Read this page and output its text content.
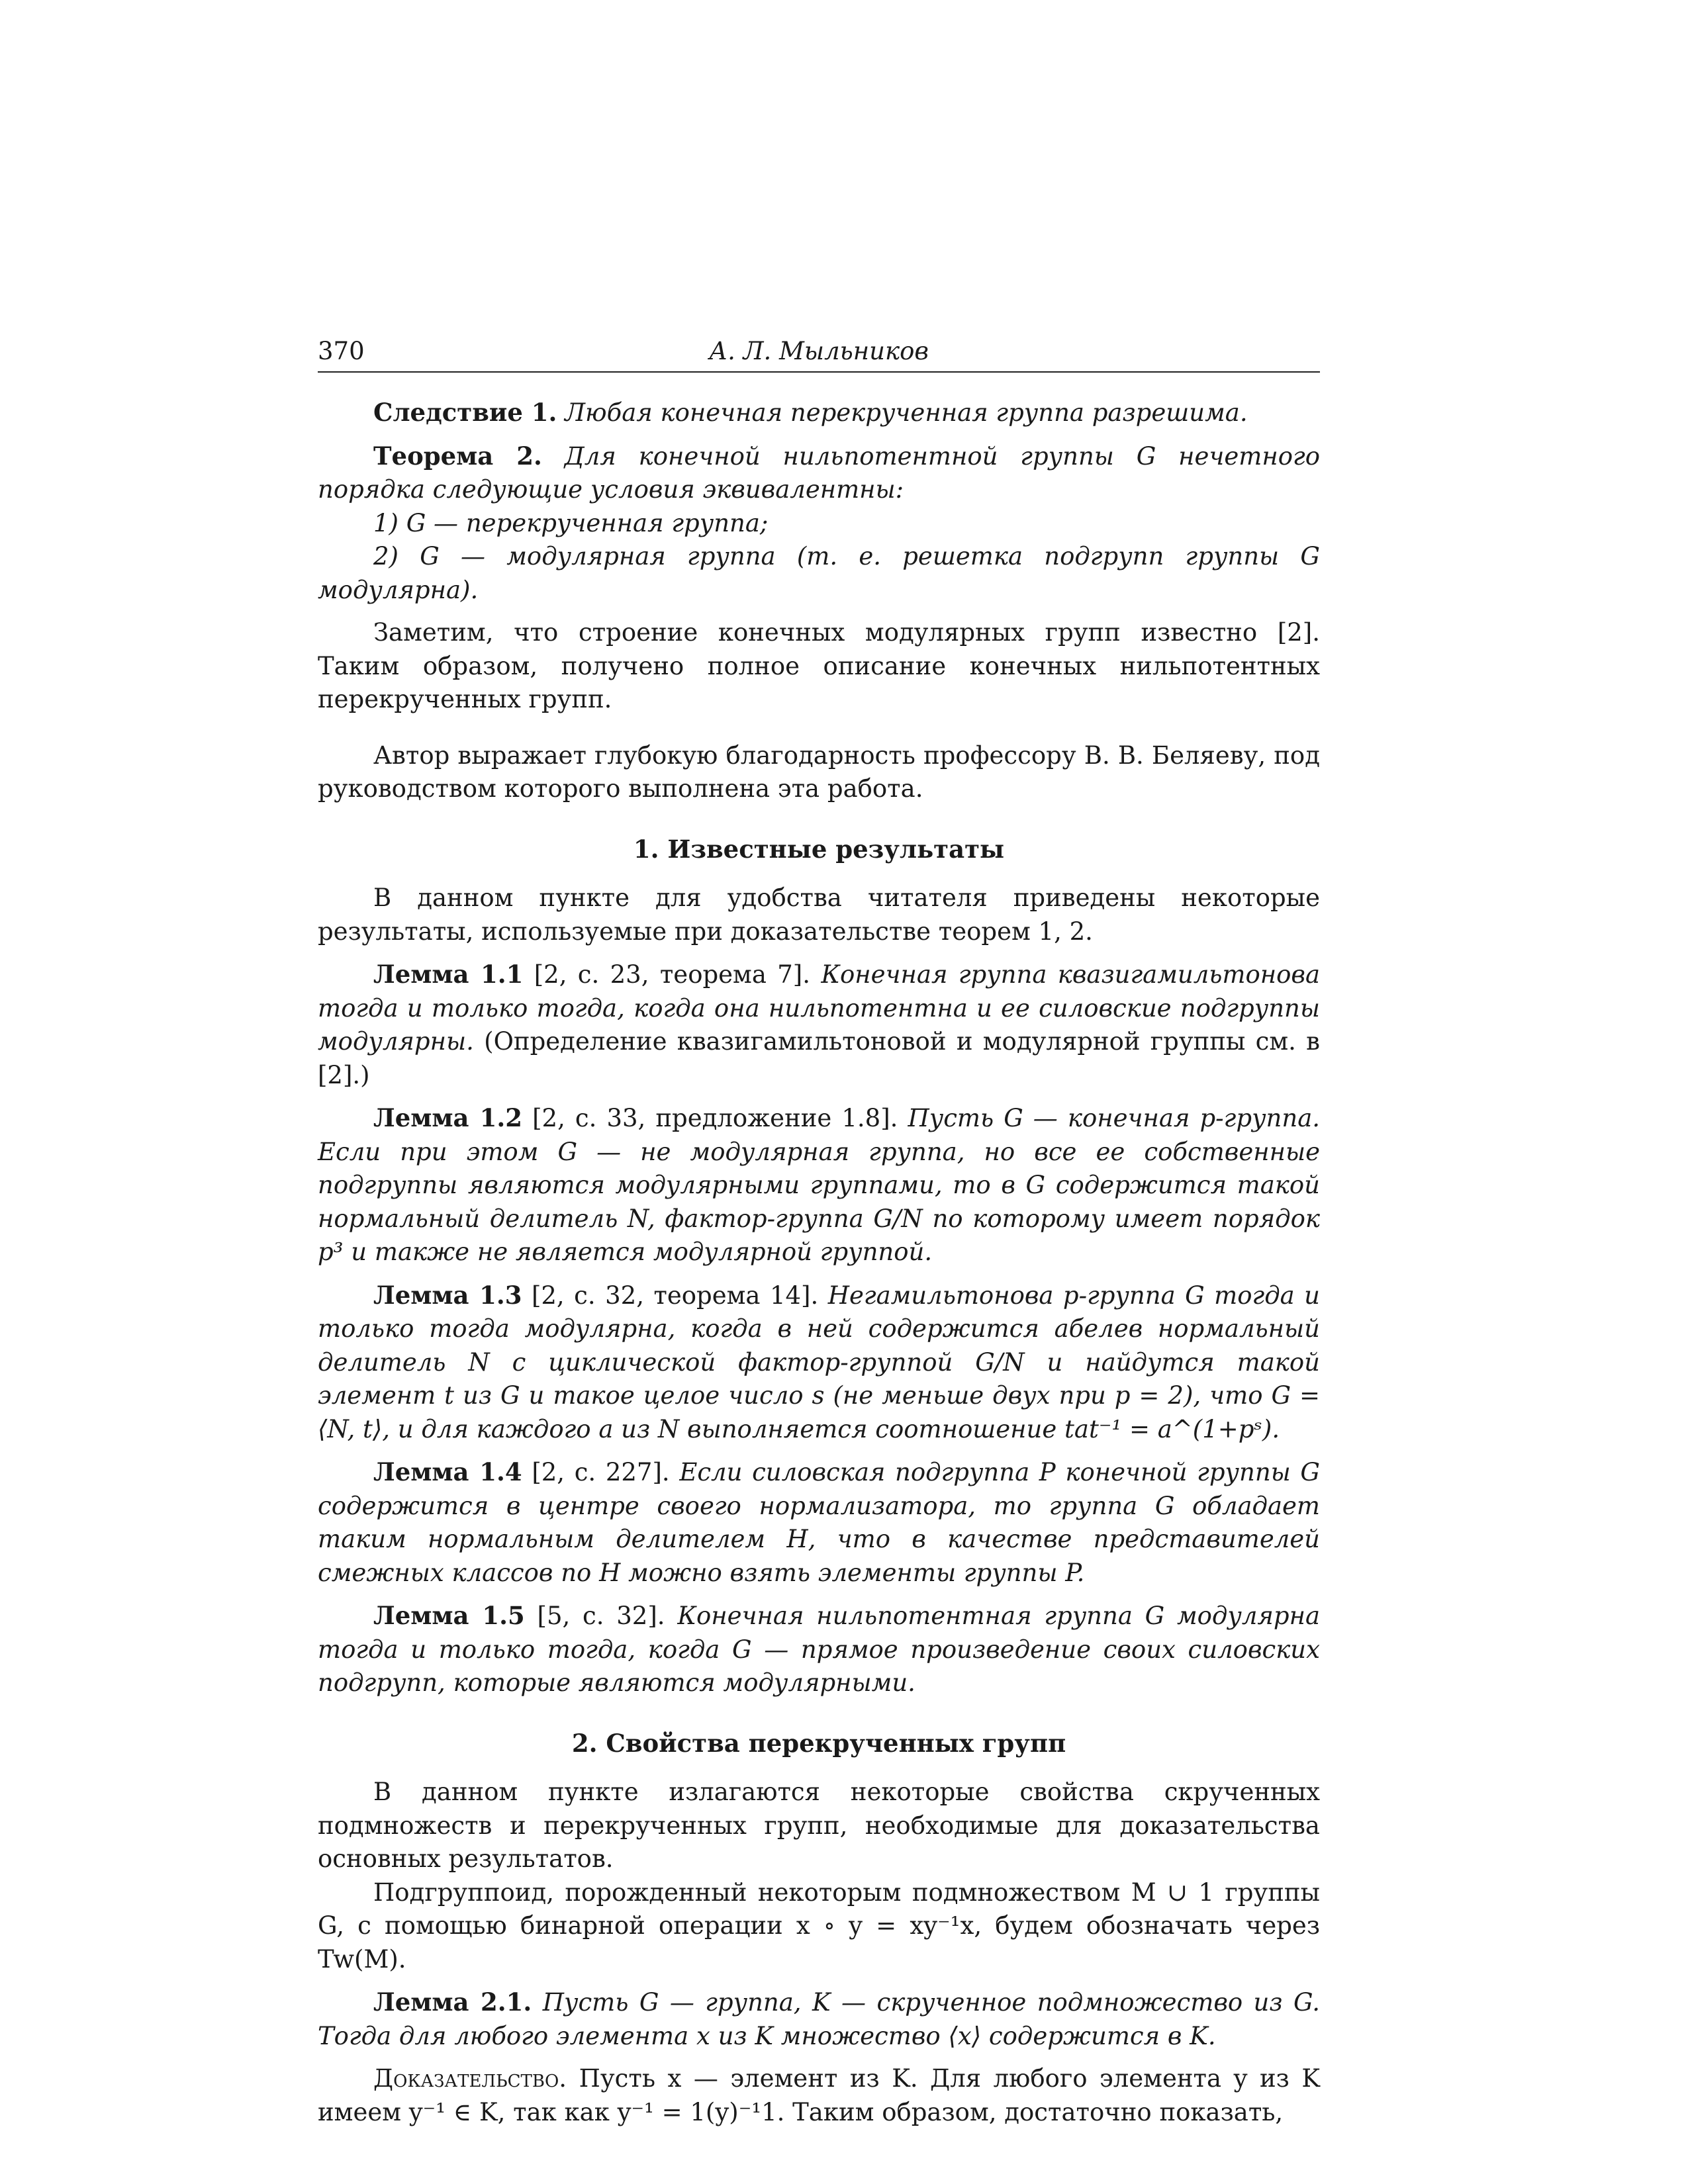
370	А. Л. Мыльников

Следствие 1. Любая конечная перекрученная группа разрешима.

Теорема 2. Для конечной нильпотентной группы G нечетного порядка следующие условия эквивалентны:

1) G — перекрученная группа;

2) G — модулярная группа (т. е. решетка подгрупп группы G модулярна).

Заметим, что строение конечных модулярных групп известно [2]. Таким образом, получено полное описание конечных нильпотентных перекрученных групп.

Автор выражает глубокую благодарность профессору В. В. Беляеву, под руководством которого выполнена эта работа.

1. Известные результаты

В данном пункте для удобства читателя приведены некоторые результаты, используемые при доказательстве теорем 1, 2.

Лемма 1.1 [2, с. 23, теорема 7]. Конечная группа квазигамильтонова тогда и только тогда, когда она нильпотентна и ее силовские подгруппы модулярны. (Определение квазигамильтоновой и модулярной группы см. в [2].)

Лемма 1.2 [2, с. 33, предложение 1.8]. Пусть G — конечная p-группа. Если при этом G — не модулярная группа, но все ее собственные подгруппы являются модулярными группами, то в G содержится такой нормальный делитель N, фактор-группа G/N по которому имеет порядок p³ и также не является модулярной группой.

Лемма 1.3 [2, с. 32, теорема 14]. Негамильтонова p-группа G тогда и только тогда модулярна, когда в ней содержится абелев нормальный делитель N с циклической фактор-группой G/N и найдутся такой элемент t из G и такое целое число s (не меньше двух при p = 2), что G = ⟨N, t⟩, и для каждого a из N выполняется соотношение tat⁻¹ = a^(1+pˢ).

Лемма 1.4 [2, с. 227]. Если силовская подгруппа P конечной группы G содержится в центре своего нормализатора, то группа G обладает таким нормальным делителем H, что в качестве представителей смежных классов по H можно взять элементы группы P.

Лемма 1.5 [5, с. 32]. Конечная нильпотентная группа G модулярна тогда и только тогда, когда G — прямое произведение своих силовских подгрупп, которые являются модулярными.

2. Свойства перекрученных групп

В данном пункте излагаются некоторые свойства скрученных подмножеств и перекрученных групп, необходимые для доказательства основных результатов.

Подгруппоид, порожденный некоторым подмножеством M ∪ 1 группы G, с помощью бинарной операции x ∘ y = xy⁻¹x, будем обозначать через Tw(M).

Лемма 2.1. Пусть G — группа, K — скрученное подмножество из G. Тогда для любого элемента x из K множество ⟨x⟩ содержится в K.

Доказательство. Пусть x — элемент из K. Для любого элемента y из K имеем y⁻¹ ∈ K, так как y⁻¹ = 1(y)⁻¹1. Таким образом, достаточно показать,
